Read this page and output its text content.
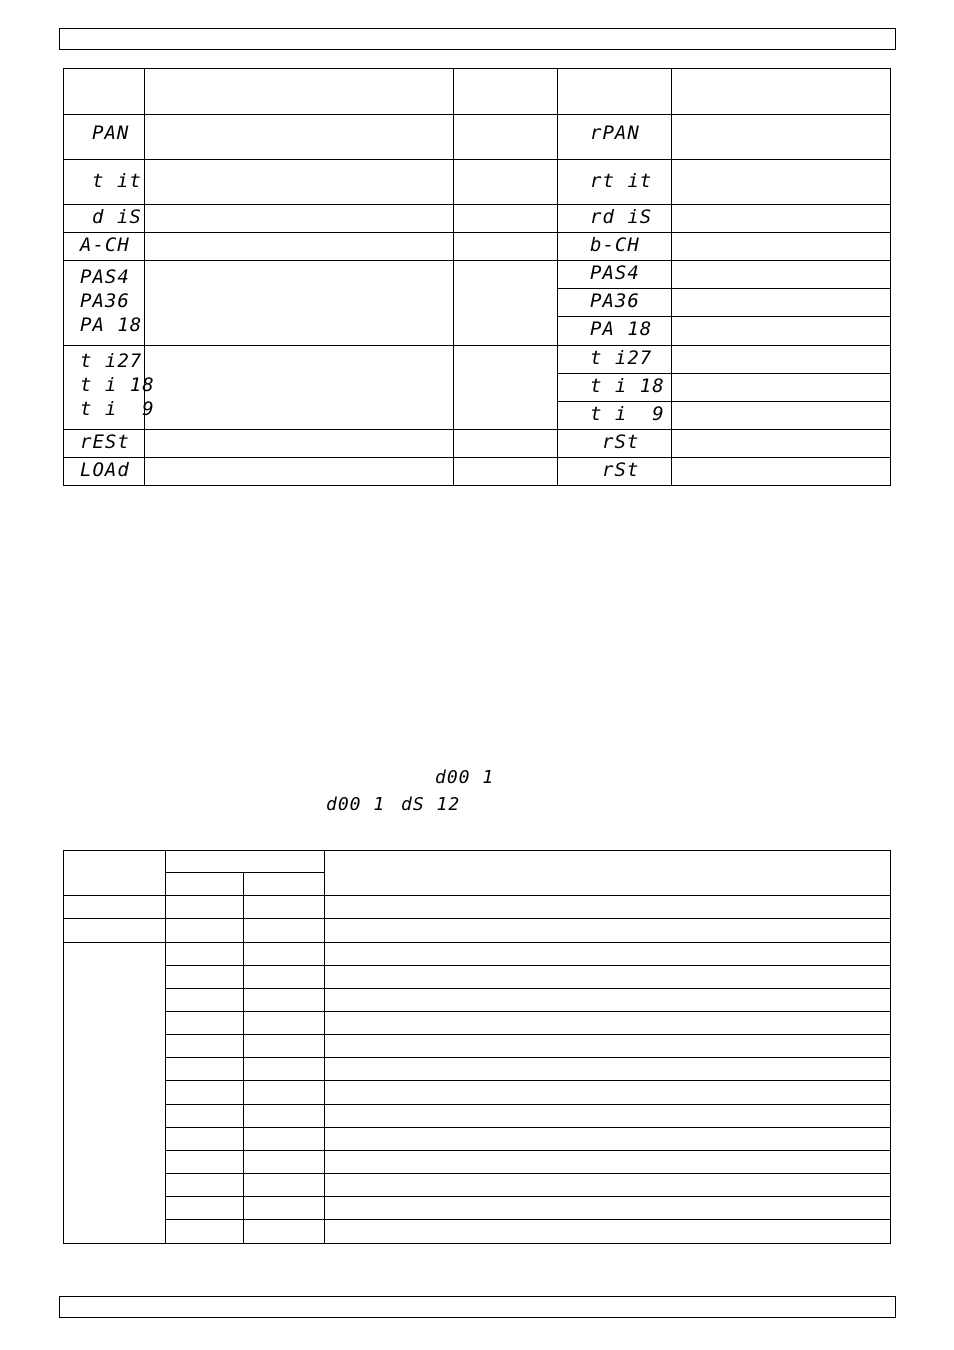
PAN
t it
d iS
A-CH
PAS4
PA36
PA 18
t i27
t i 18
t i  9
rESt
LOAd
rPAN
rt it
rd iS
b-CH
PAS4
PA36
PA 18
t i27
t i 18
t i  9
rSt
rSt
d00 1
d00 1 dS 12
